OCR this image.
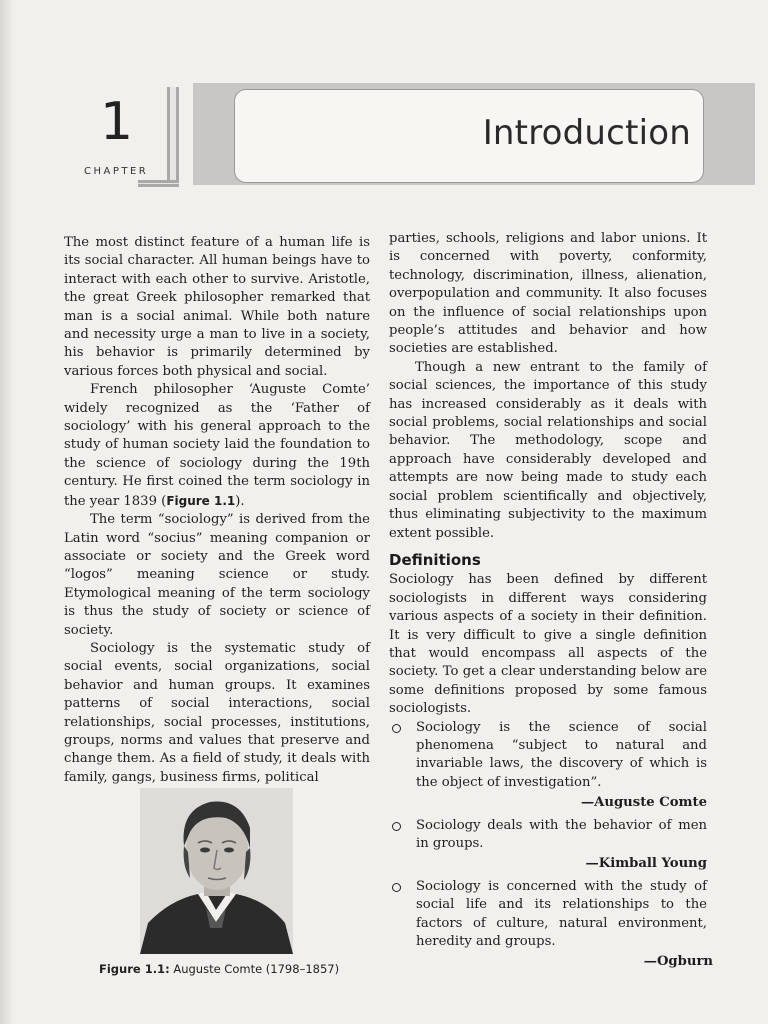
Introduction
1
CHAPTER

The most distinct feature of a human life is its social character. All human beings have to interact with each other to survive. Aristotle, the great Greek philosopher remarked that man is a social animal. While both nature and necessity urge a man to live in a society, his behavior is primarily determined by various forces both physical and social.

French philosopher ‘Auguste Comte’ widely recognized as the ‘Father of sociology’ with his general approach to the study of human society laid the foundation to the science of sociology during the 19th century. He first coined the term sociology in the year 1839 (Figure 1.1).

The term “sociology” is derived from the Latin word “socius” meaning companion or associate or society and the Greek word “logos” meaning science or study. Etymological meaning of the term sociology is thus the study of society or science of society.

Sociology is the systematic study of social events, social organizations, social behavior and human groups. It examines patterns of social interactions, social relationships, social processes, institutions, groups, norms and values that preserve and change them. As a field of study, it deals with family, gangs, business firms, political

Figure 1.1: Auguste Comte (1798–1857)

parties, schools, religions and labor unions. It is concerned with poverty, conformity, technology, discrimination, illness, alienation, overpopulation and community. It also focuses on the influence of social relationships upon people’s attitudes and behavior and how societies are established.

Though a new entrant to the family of social sciences, the importance of this study has increased considerably as it deals with social problems, social relationships and social behavior. The methodology, scope and approach have considerably developed and attempts are now being made to study each social problem scientifically and objectively, thus eliminating subjectivity to the maximum extent possible.

Definitions

Sociology has been defined by different sociologists in different ways considering various aspects of a society in their definition. It is very difficult to give a single definition that would encompass all aspects of the society. To get a clear understanding below are some definitions proposed by some famous sociologists.

Sociology is the science of social phenomena “subject to natural and invariable laws, the discovery of which is the object of investigation”.
—Auguste Comte
Sociology deals with the behavior of men in groups.
—Kimball Young
Sociology is concerned with the study of social life and its relationships to the factors of culture, natural environment, heredity and groups.
—Ogburn
